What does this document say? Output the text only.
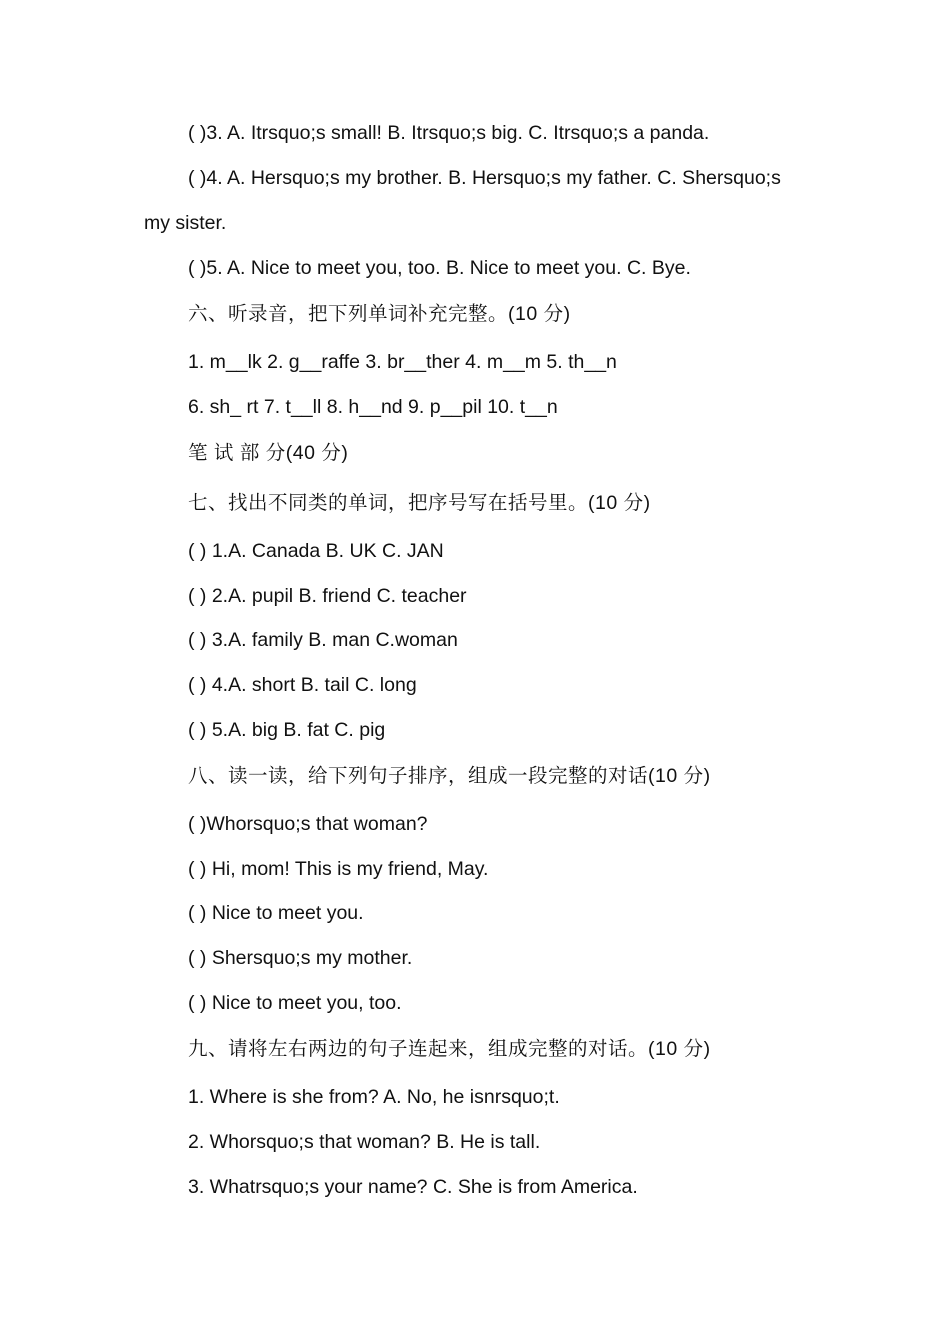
( )3. A. Itrsquo;s small! B. Itrsquo;s big. C. Itrsquo;s a panda.
( )4. A. Hersquo;s my brother. B. Hersquo;s my father. C. Shersquo;s
my sister.
( )5. A. Nice to meet you, too. B. Nice to meet you. C. Bye.
六、听录音，把下列单词补充完整。(10 分)
1. m__lk 2. g__raffe 3. br__ther 4. m__m 5. th__n
6. sh_ rt 7. t__ll 8. h__nd 9. p__pil 10. t__n
笔 试 部 分(40 分)
七、找出不同类的单词，把序号写在括号里。(10 分)
( ) 1.A. Canada B. UK C. JAN
( ) 2.A. pupil B. friend C. teacher
( ) 3.A. family B. man C.woman
( ) 4.A. short B. tail C. long
( ) 5.A. big B. fat C. pig
八、读一读，给下列句子排序，组成一段完整的对话(10 分)
( )Whorsquo;s that woman?
( ) Hi, mom! This is my friend, May.
( ) Nice to meet you.
( ) Shersquo;s my mother.
( ) Nice to meet you, too.
九、请将左右两边的句子连起来，组成完整的对话。(10 分)
1. Where is she from? A. No, he isnrsquo;t.
2. Whorsquo;s that woman? B. He is tall.
3. Whatrsquo;s your name? C. She is from America.
